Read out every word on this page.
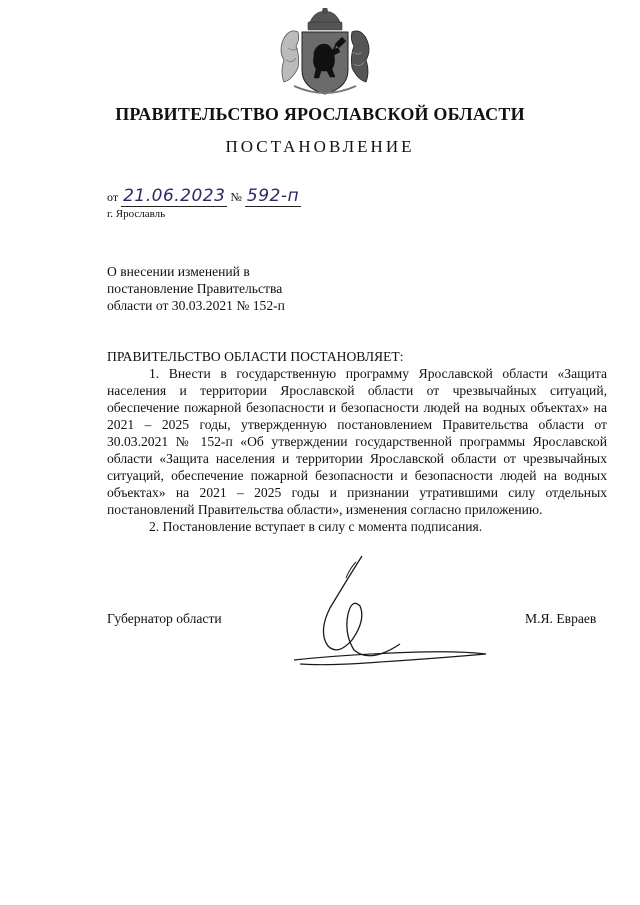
ПРАВИТЕЛЬСТВО ЯРОСЛАВСКОЙ ОБЛАСТИ
ПОСТАНОВЛЕНИЕ
от 21.06.2023 № 592-п
г. Ярославль
О внесении изменений в
постановление Правительства
области от 30.03.2021 № 152-п

ПРАВИТЕЛЬСТВО ОБЛАСТИ ПОСТАНОВЛЯЕТ:

1. Внести в государственную программу Ярославской области «Защита населения и территории Ярославской области от чрезвычайных ситуаций, обеспечение пожарной безопасности и безопасности людей на водных объектах» на 2021 – 2025 годы, утвержденную постановлением Правительства области от 30.03.2021 № 152-п «Об утверждении государственной программы Ярославской области «Защита населения и территории Ярославской области от чрезвычайных ситуаций, обеспечение пожарной безопасности и безопасности людей на водных объектах» на 2021 – 2025 годы и признании утратившими силу отдельных постановлений Правительства области», изменения согласно приложению.

2. Постановление вступает в силу с момента подписания.

Губернатор области	М.Я. Евраев
